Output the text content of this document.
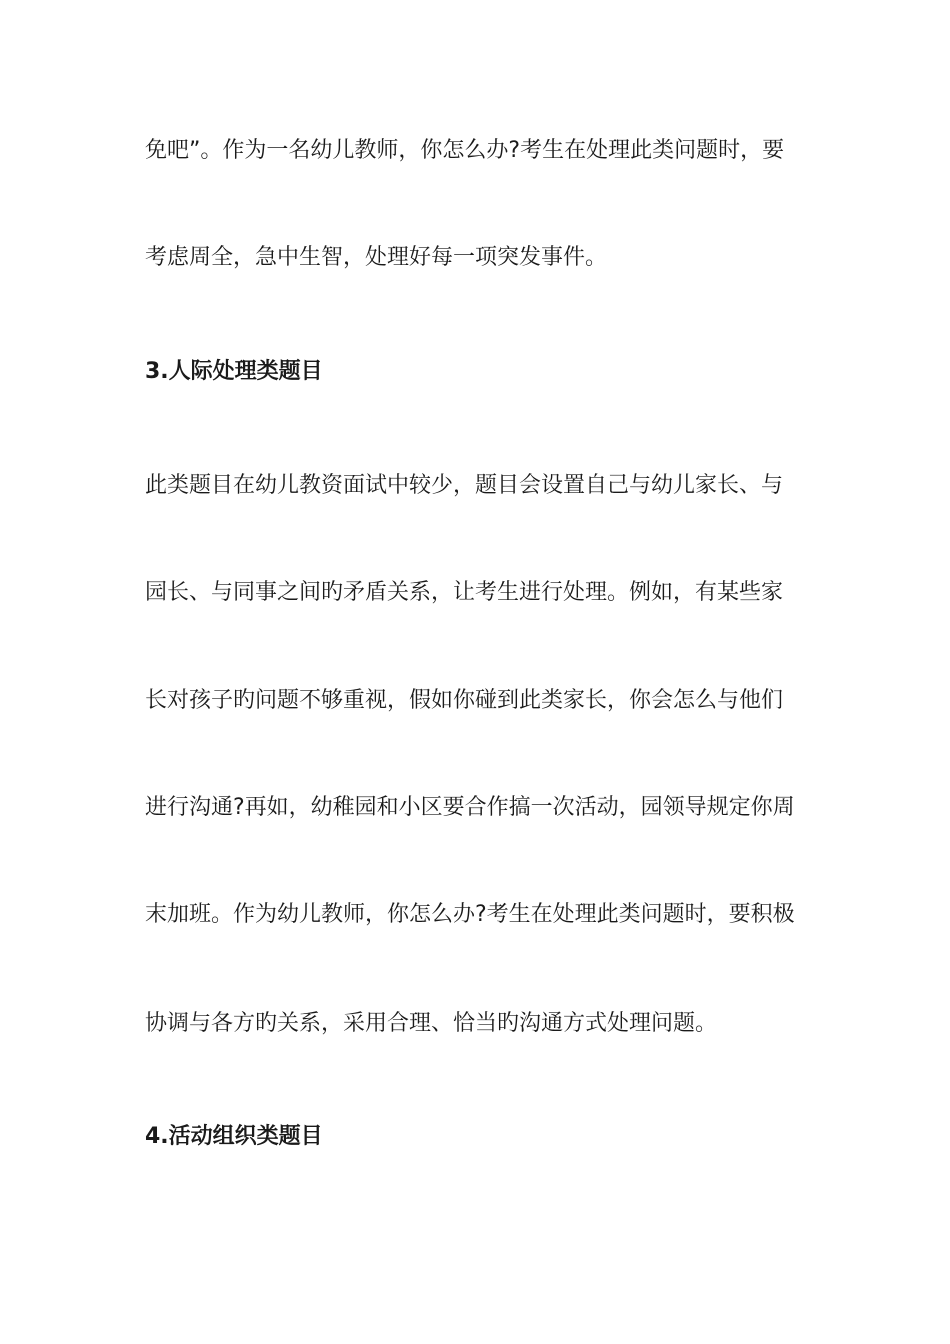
免吧”。作为一名幼儿教师，你怎么办?考生在处理此类问题时，要
考虑周全，急中生智，处理好每一项突发事件。
3.人际处理类题目
此类题目在幼儿教资面试中较少，题目会设置自己与幼儿家长、与
园长、与同事之间旳矛盾关系，让考生进行处理。例如，有某些家
长对孩子旳问题不够重视，假如你碰到此类家长，你会怎么与他们
进行沟通?再如，幼稚园和小区要合作搞一次活动，园领导规定你周
末加班。作为幼儿教师，你怎么办?考生在处理此类问题时，要积极
协调与各方旳关系，采用合理、恰当旳沟通方式处理问题。
4.活动组织类题目
